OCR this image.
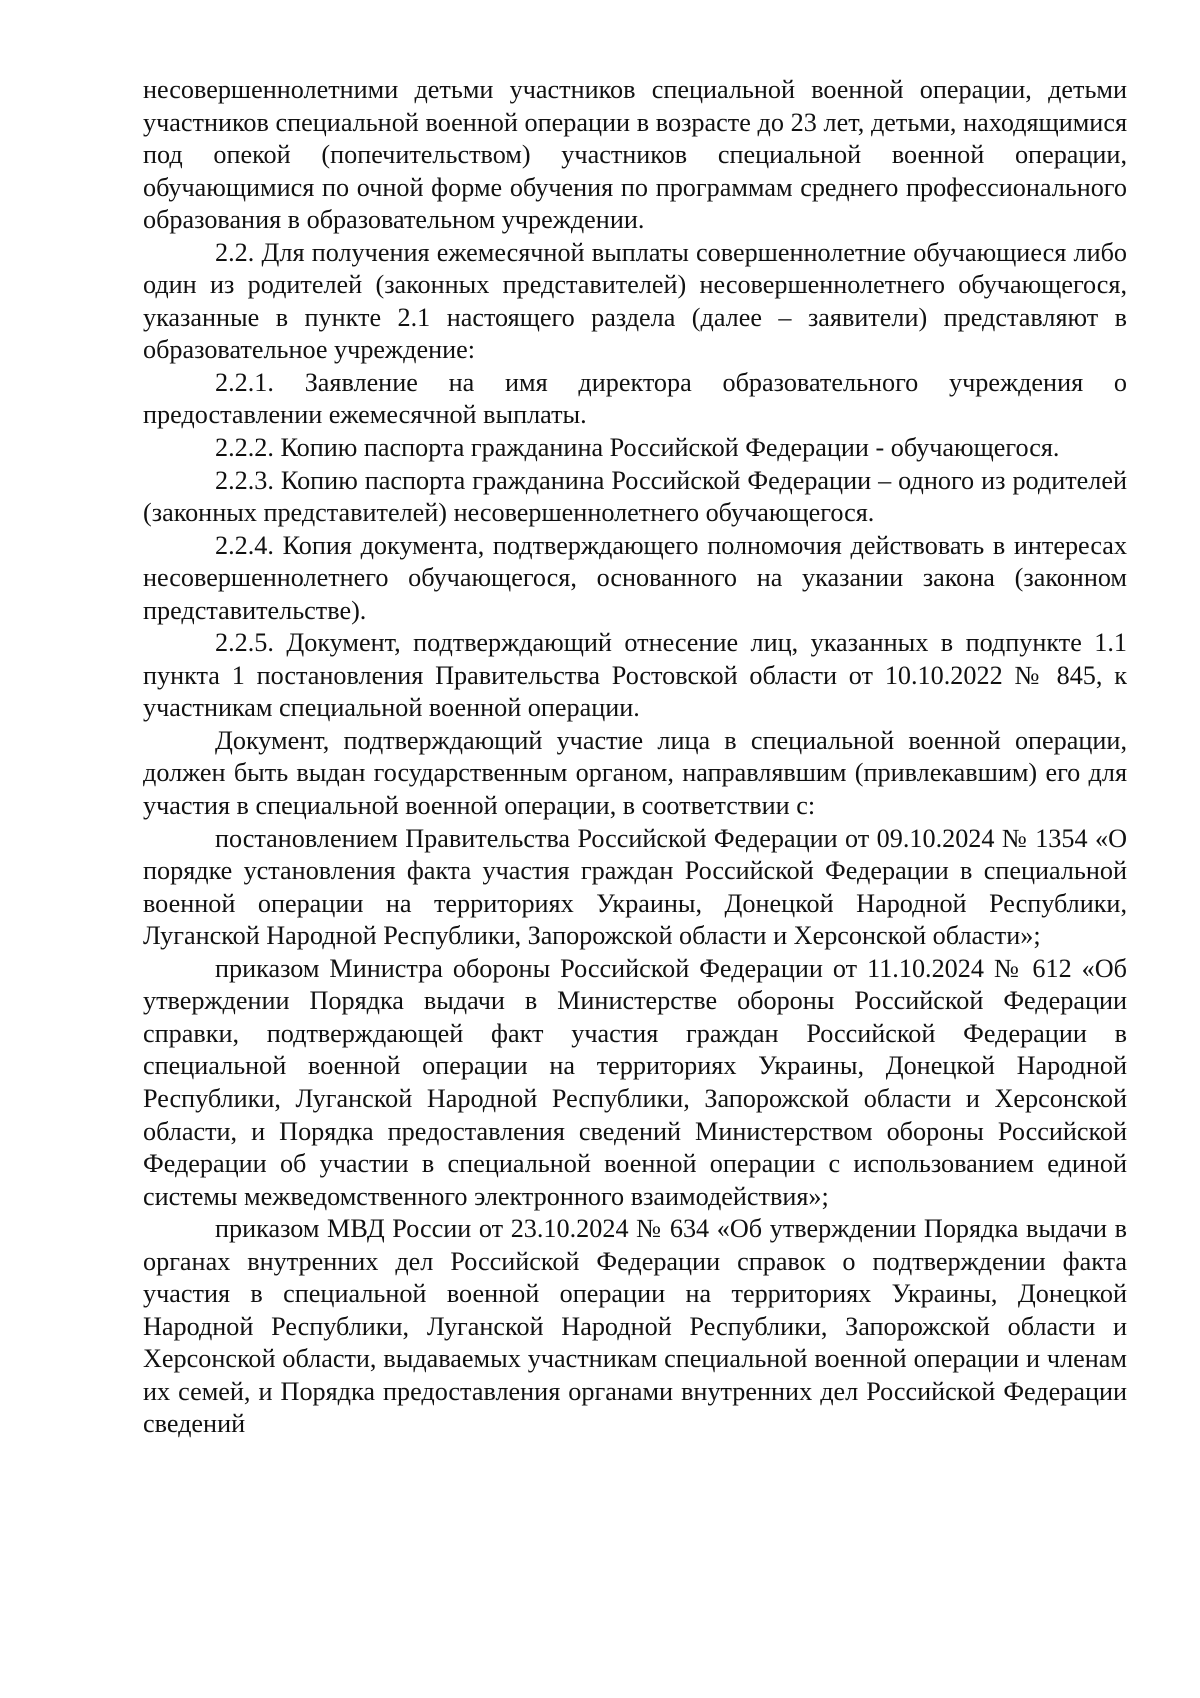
несовершеннолетними детьми участников специальной военной операции, детьми участников специальной военной операции в возрасте до 23 лет, детьми, находящимися под опекой (попечительством) участников специальной военной операции, обучающимися по очной форме обучения по программам среднего профессионального образования в образовательном учреждении.

2.2. Для получения ежемесячной выплаты совершеннолетние обучающиеся либо один из родителей (законных представителей) несовершеннолетнего обучающегося, указанные в пункте 2.1 настоящего раздела (далее – заявители) представляют в образовательное учреждение:

2.2.1. Заявление на имя директора образовательного учреждения о предоставлении ежемесячной выплаты.

2.2.2. Копию паспорта гражданина Российской Федерации - обучающегося.

2.2.3. Копию паспорта гражданина Российской Федерации – одного из родителей (законных представителей) несовершеннолетнего обучающегося.

2.2.4. Копия документа, подтверждающего полномочия действовать в интересах несовершеннолетнего обучающегося, основанного на указании закона (законном представительстве).

2.2.5. Документ, подтверждающий отнесение лиц, указанных в подпункте 1.1 пункта 1 постановления Правительства Ростовской области от 10.10.2022 № 845, к участникам специальной военной операции.

Документ, подтверждающий участие лица в специальной военной операции, должен быть выдан государственным органом, направлявшим (привлекавшим) его для участия в специальной военной операции, в соответствии с:

постановлением Правительства Российской Федерации от 09.10.2024 № 1354 «О порядке установления факта участия граждан Российской Федерации в специальной военной операции на территориях Украины, Донецкой Народной Республики, Луганской Народной Республики, Запорожской области и Херсонской области»;

приказом Министра обороны Российской Федерации от 11.10.2024 № 612 «Об утверждении Порядка выдачи в Министерстве обороны Российской Федерации справки, подтверждающей факт участия граждан Российской Федерации в специальной военной операции на территориях Украины, Донецкой Народной Республики, Луганской Народной Республики, Запорожской области и Херсонской области, и Порядка предоставления сведений Министерством обороны Российской Федерации об участии в специальной военной операции с использованием единой системы межведомственного электронного взаимодействия»;

приказом МВД России от 23.10.2024 № 634 «Об утверждении Порядка выдачи в органах внутренних дел Российской Федерации справок о подтверждении факта участия в специальной военной операции на территориях Украины, Донецкой Народной Республики, Луганской Народной Республики, Запорожской области и Херсонской области, выдаваемых участникам специальной военной операции и членам их семей, и Порядка предоставления органами внутренних дел Российской Федерации сведений
